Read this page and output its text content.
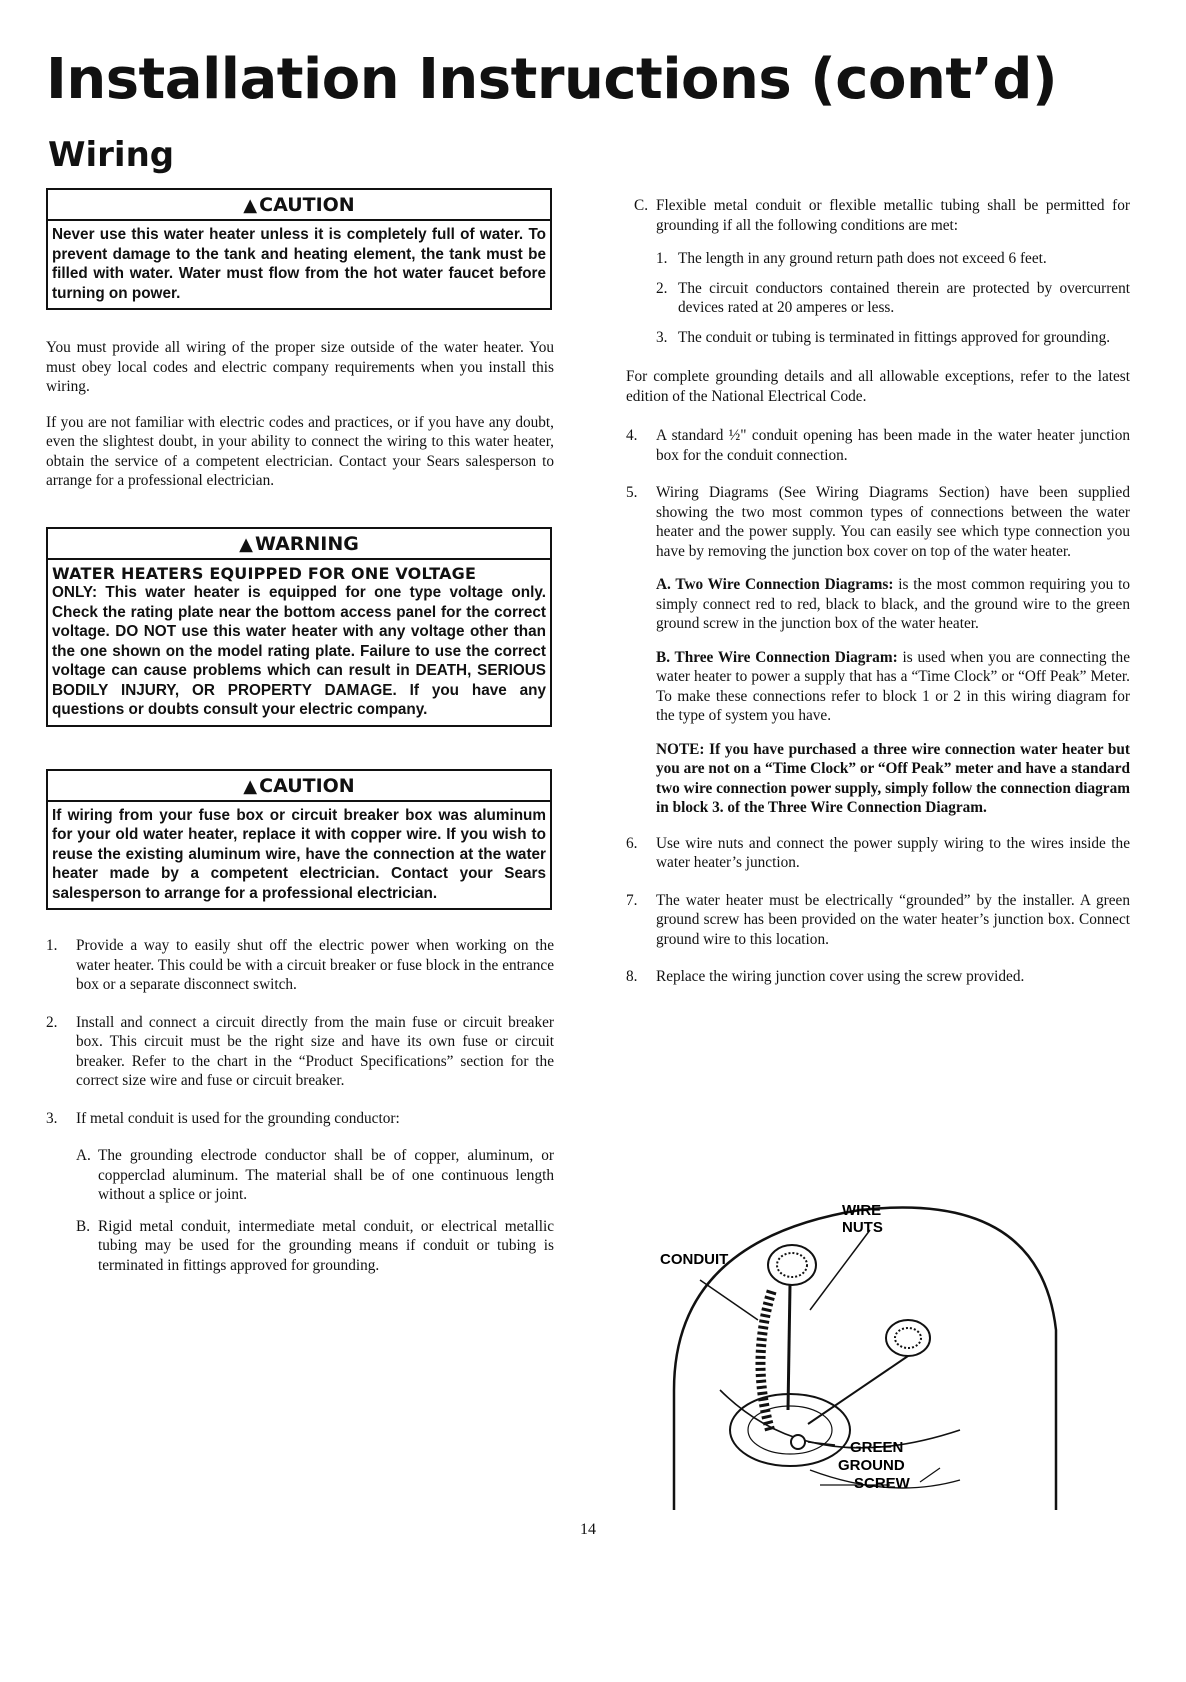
Installation Instructions (cont’d)
Wiring
▲ CAUTION
Never use this water heater unless it is completely full of water. To prevent damage to the tank and heating element, the tank must be filled with water. Water must flow from the hot water faucet before turning on power.

You must provide all wiring of the proper size outside of the water heater. You must obey local codes and electric company requirements when you install this wiring.

If you are not familiar with electric codes and practices, or if you have any doubt, even the slightest doubt, in your ability to connect the wiring to this water heater, obtain the service of a competent electrician. Contact your Sears salesperson to arrange for a professional electrician.

▲ WARNING
WATER HEATERS EQUIPPED FOR ONE VOLTAGE
ONLY: This water heater is equipped for one type voltage only. Check the rating plate near the bottom access panel for the correct voltage. DO NOT use this water heater with any voltage other than the one shown on the model rating plate. Failure to use the correct voltage can cause problems which can result in DEATH, SERIOUS BODILY INJURY, OR PROPERTY DAMAGE. If you have any questions or doubts consult your electric company.
▲ CAUTION
If wiring from your fuse box or circuit breaker box was aluminum for your old water heater, replace it with copper wire. If you wish to reuse the existing aluminum wire, have the connection at the water heater made by a competent electrician. Contact your Sears salesperson to arrange for a professional electrician.
1.	Provide a way to easily shut off the electric power when working on the water heater. This could be with a circuit breaker or fuse block in the entrance box or a separate disconnect switch.
2.	Install and connect a circuit directly from the main fuse or circuit breaker box. This circuit must be the right size and have its own fuse or circuit breaker. Refer to the chart in the “Product Specifications” section for the correct size wire and fuse or circuit breaker.
3.	If metal conduit is used for the grounding conductor:
A. The grounding electrode conductor shall be of copper, aluminum, or copperclad aluminum. The material shall be of one continuous length without a splice or joint.
B. Rigid metal conduit, intermediate metal conduit, or electrical metallic tubing may be used for the grounding means if conduit or tubing is terminated in fittings approved for grounding.
C. Flexible metal conduit or flexible metallic tubing shall be permitted for grounding if all the following conditions are met:
1. The length in any ground return path does not exceed 6 feet.
2. The circuit conductors contained therein are protected by overcurrent devices rated at 20 amperes or less.
3. The conduit or tubing is terminated in fittings approved for grounding.

For complete grounding details and all allowable exceptions, refer to the latest edition of the National Electrical Code.

4.	A standard ½" conduit opening has been made in the water heater junction box for the conduit connection.
5.	Wiring Diagrams (See Wiring Diagrams Section) have been supplied showing the two most common types of connections between the water heater and the power supply. You can easily see which type connection you have by removing the junction box cover on top of the water heater.

A. Two Wire Connection Diagrams: is the most common requiring you to simply connect red to red, black to black, and the ground wire to the green ground screw in the junction box of the water heater.

B. Three Wire Connection Diagram: is used when you are connecting the water heater to power a supply that has a “Time Clock” or “Off Peak” Meter. To make these connections refer to block 1 or 2 in this wiring diagram for the type of system you have.

NOTE: If you have purchased a three wire connection water heater but you are not on a “Time Clock” or “Off Peak” meter and have a standard two wire connection power supply, simply follow the connection diagram in block 3. of the Three Wire Connection Diagram.

6.	Use wire nuts and connect the power supply wiring to the wires inside the water heater’s junction.
7.	The water heater must be electrically “grounded” by the installer. A green ground screw has been provided on the water heater’s junction box. Connect ground wire to this location.
8.	Replace the wiring junction cover using the screw provided.
WIRE
NUTS
CONDUIT
GREEN
GROUND
SCREW
14
